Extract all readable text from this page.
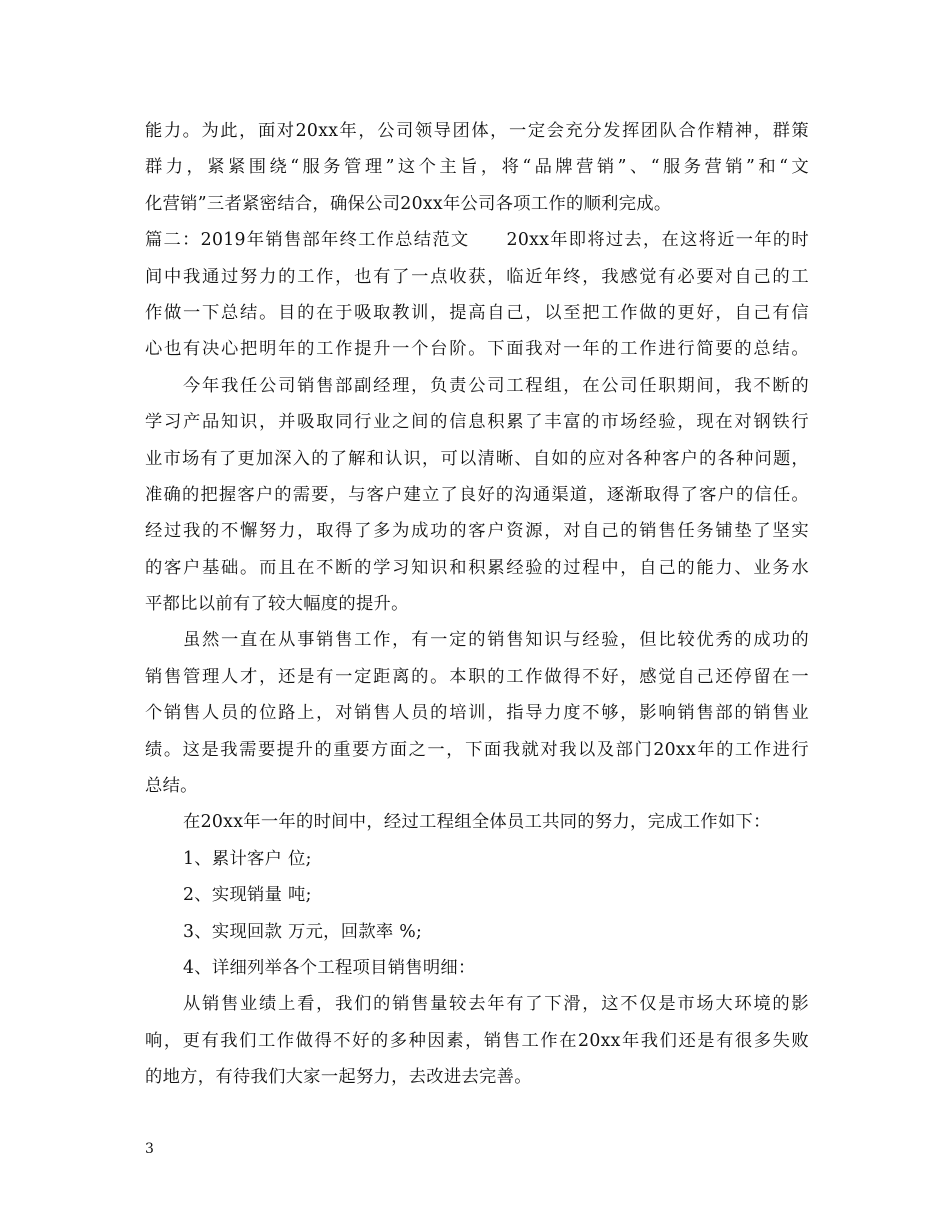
能力。为此，面对20xx年，公司领导团体，一定会充分发挥团队合作精神，群策
群力，紧紧围绕“服务管理”这个主旨，将“品牌营销”、“服务营销”和“文
化营销”三者紧密结合，确保公司20xx年公司各项工作的顺利完成。
篇二：2019年销售部年终工作总结范文　　20xx年即将过去，在这将近一年的时
间中我通过努力的工作，也有了一点收获，临近年终，我感觉有必要对自己的工
作做一下总结。目的在于吸取教训，提高自己，以至把工作做的更好，自己有信
心也有决心把明年的工作提升一个台阶。下面我对一年的工作进行简要的总结。
今年我任公司销售部副经理，负责公司工程组，在公司任职期间，我不断的
学习产品知识，并吸取同行业之间的信息积累了丰富的市场经验，现在对钢铁行
业市场有了更加深入的了解和认识，可以清晰、自如的应对各种客户的各种问题，
准确的把握客户的需要，与客户建立了良好的沟通渠道，逐渐取得了客户的信任。
经过我的不懈努力，取得了多为成功的客户资源，对自己的销售任务铺垫了坚实
的客户基础。而且在不断的学习知识和积累经验的过程中，自己的能力、业务水
平都比以前有了较大幅度的提升。
虽然一直在从事销售工作，有一定的销售知识与经验，但比较优秀的成功的
销售管理人才，还是有一定距离的。本职的工作做得不好，感觉自己还停留在一
个销售人员的位路上，对销售人员的培训，指导力度不够，影响销售部的销售业
绩。这是我需要提升的重要方面之一，下面我就对我以及部门20xx年的工作进行
总结。
在20xx年一年的时间中，经过工程组全体员工共同的努力，完成工作如下：
1、累计客户 位;
2、实现销量 吨;
3、实现回款 万元，回款率 %;
4、详细列举各个工程项目销售明细：
从销售业绩上看，我们的销售量较去年有了下滑，这不仅是市场大环境的影
响，更有我们工作做得不好的多种因素，销售工作在20xx年我们还是有很多失败
的地方，有待我们大家一起努力，去改进去完善。
3
